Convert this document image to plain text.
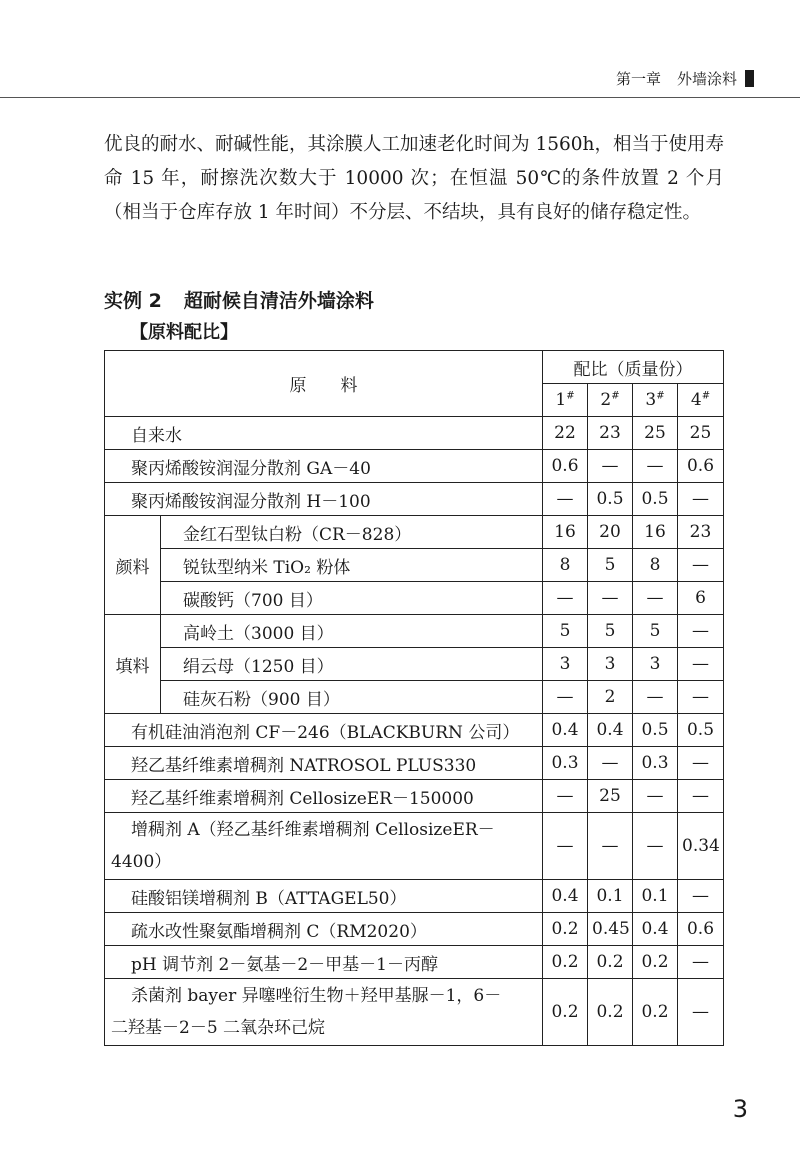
第一章 外墙涂料

优良的耐水、耐碱性能，其涂膜人工加速老化时间为 1560h，相当于使用寿命 15 年，耐擦洗次数大于 10000 次；在恒温 50℃的条件放置 2 个月（相当于仓库存放 1 年时间）不分层、不结块，具有良好的储存稳定性。

实例 2 超耐候自清洁外墙涂料
【原料配比】
原　　料		配比（质量份）			
		1#	2#	3#	4#
自来水		22	23	25	25
聚丙烯酸铵润湿分散剂 GA－40		0.6	—	—	0.6
聚丙烯酸铵润湿分散剂 H－100		—	0.5	0.5	—
颜料	金红石型钛白粉（CR－828）	16	20	16	23
	锐钛型纳米 TiO₂ 粉体	8	5	8	—
	碳酸钙（700 目）	—	—	—	6
填料	高岭土（3000 目）	5	5	5	—
	绢云母（1250 目）	3	3	3	—
	硅灰石粉（900 目）	—	2	—	—
有机硅油消泡剂 CF－246（BLACKBURN 公司）		0.4	0.4	0.5	0.5
羟乙基纤维素增稠剂 NATROSOL PLUS330		0.3	—	0.3	—
羟乙基纤维素增稠剂 CellosizeER－150000		—	25	—	—

增稠剂 A（羟乙基纤维素增稠剂 CellosizeER－
4400）		—	—	—	0.34
硅酸铝镁增稠剂 B（ATTAGEL50）		0.4	0.1	0.1	—
疏水改性聚氨酯增稠剂 C（RM2020）		0.2	0.45	0.4	0.6
pH 调节剂 2－氨基－2－甲基－1－丙醇		0.2	0.2	0.2	—

杀菌剂 bayer 异噻唑衍生物＋羟甲基脲－1，6－
二羟基－2－5 二氧杂环己烷		0.2	0.2	0.2	—
3
